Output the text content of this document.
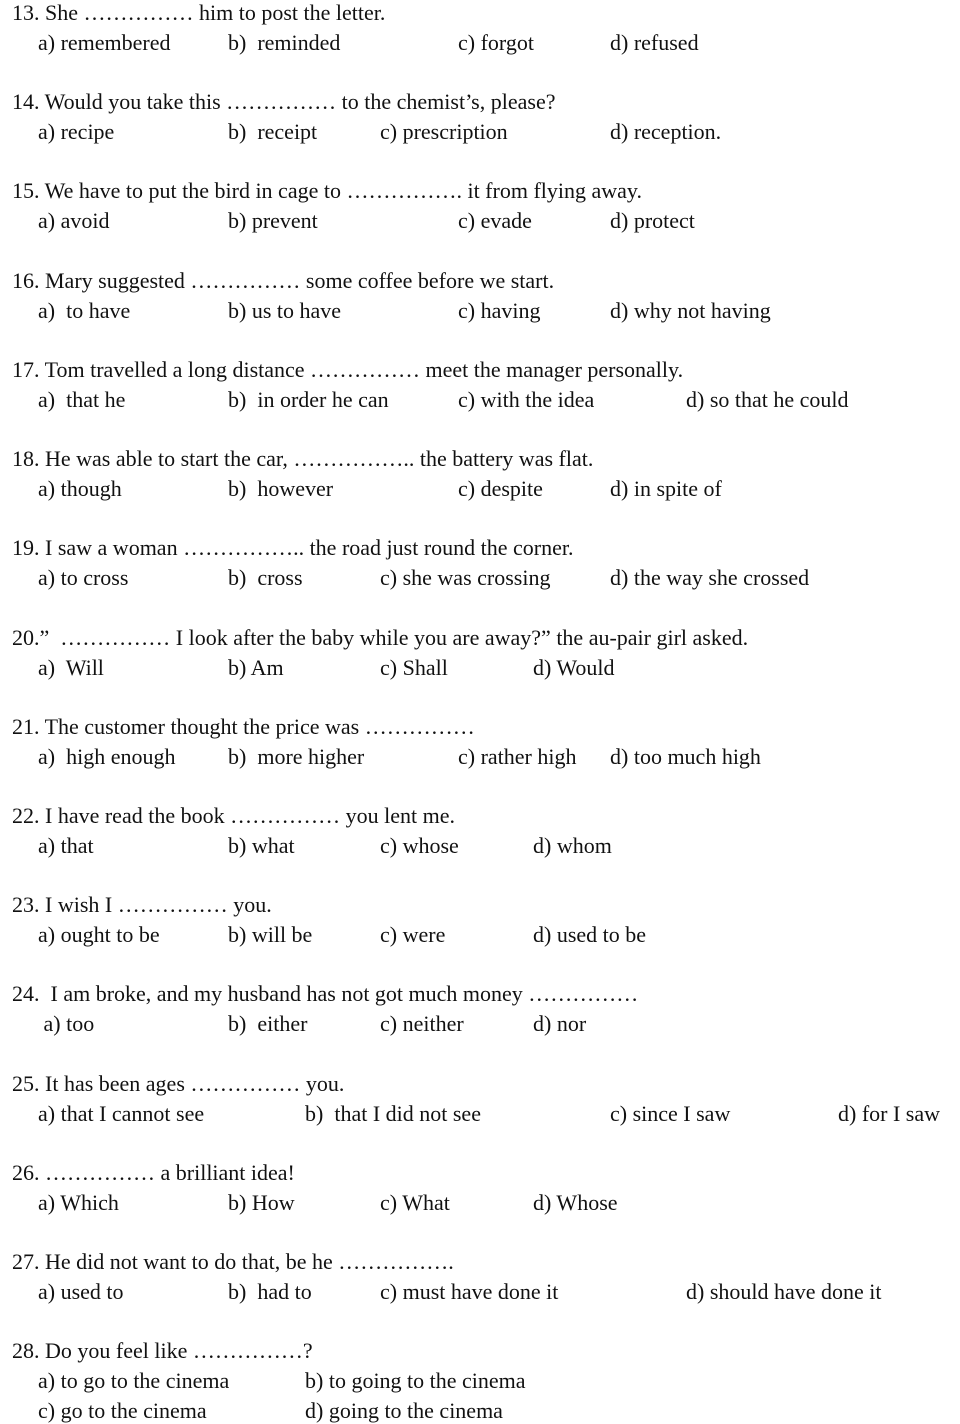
13. She …………… him to post the letter.
a) remembered	b)  reminded	c) forgot	d) refused
14. Would you take this …………… to the chemist’s, please?
a) recipe	b)  receipt	c) prescription	d) reception.
15. We have to put the bird in cage to ……………. it from flying away.
a) avoid	b) prevent	c) evade	d) protect
16. Mary suggested …………… some coffee before we start.
a)  to have	b) us to have	c) having	d) why not having
17. Tom travelled a long distance …………… meet the manager personally.
a)  that he	b)  in order he can	c) with the idea	d) so that he could
18. He was able to start the car, …………….. the battery was flat.
a) though	b)  however	c) despite	d) in spite of
19. I saw a woman …………….. the road just round the corner.
a) to cross	b)  cross	c) she was crossing	d) the way she crossed
20.”  …………… I look after the baby while you are away?” the au-pair girl asked.
a)  Will	b) Am	c) Shall	d) Would
21. The customer thought the price was ……………
a)  high enough b)  more higher	c) rather high d) too much high
22. I have read the book …………… you lent me.
a) that	b) what	c) whose	d) whom
23. I wish I …………… you.
a) ought to be	b) will be	c) were	d) used to be
24.  I am broke, and my husband has not got much money ……………
a) too	b)  either	c) neither	d) nor
25. It has been ages …………… you.
a) that I cannot see	b)  that I did not see	c) since I saw	d) for I saw
26. …………… a brilliant idea!
a) Which	b) How	c) What	d) Whose
27. He did not want to do that, be he …………….
a) used to	b)  had to	c) must have done it	d) should have done it
28. Do you feel like ……………?
a) to go to the cinema	b) to going to the cinema
c) go to the cinema	d) going to the cinema
